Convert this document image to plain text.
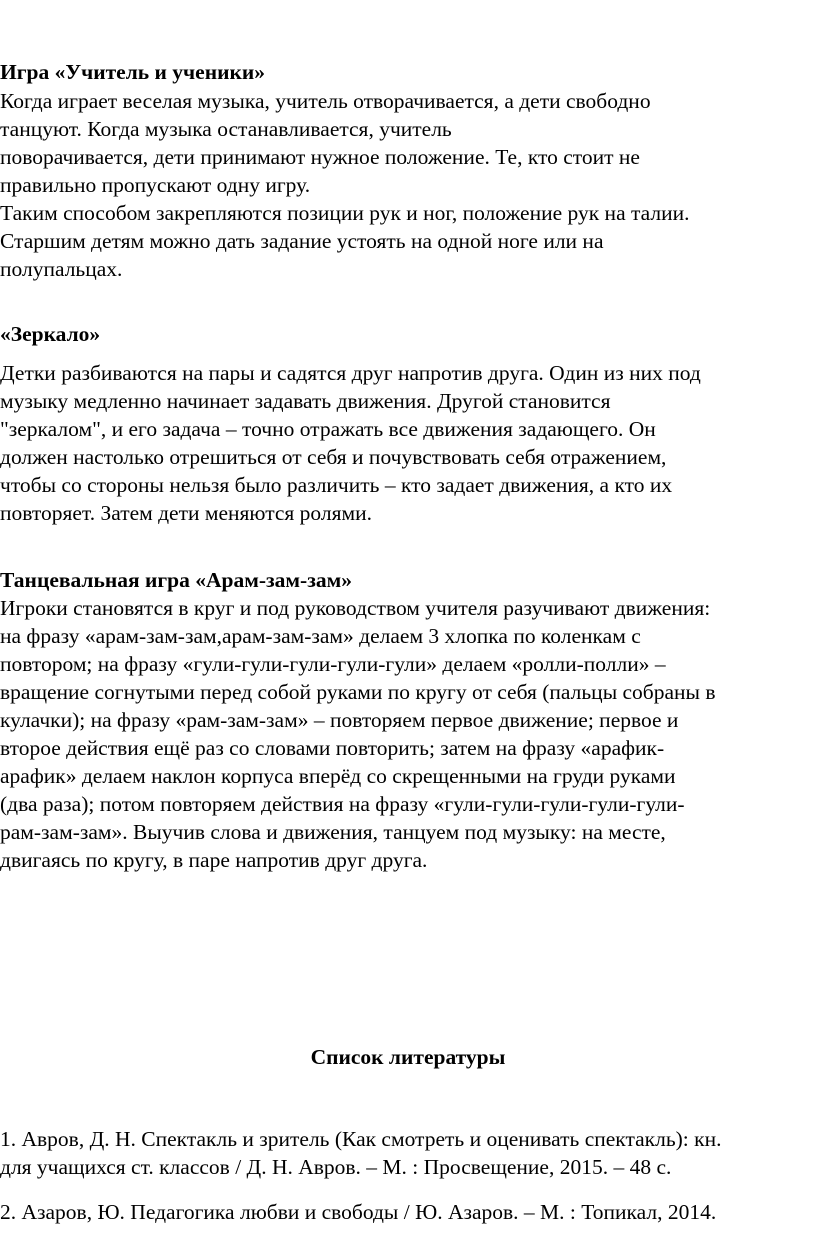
Игра «Учитель и ученики»
Когда играет веселая музыка, учитель отворачивается, а дети свободно
танцуют. Когда музыка останавливается, учитель
поворачивается, дети принимают нужное положение. Те, кто стоит не
правильно пропускают одну игру.
Таким способом закрепляются позиции рук и ног, положение рук на талии.
Старшим детям можно дать задание устоять на одной ноге или на
полупальцах.
«Зеркало»
Детки разбиваются на пары и садятся друг напротив друга. Один из них под
музыку медленно начинает задавать движения. Другой становится
"зеркалом", и его задача – точно отражать все движения задающего. Он
должен настолько отрешиться от себя и почувствовать себя отражением,
чтобы со стороны нельзя было различить – кто задает движения, а кто их
повторяет. Затем дети меняются ролями.
Танцевальная игра «Арам-зам-зам»
Игроки становятся в круг и под руководством учителя разучивают движения:
на фразу «арам-зам-зам,арам-зам-зам» делаем 3 хлопка по коленкам с
повтором; на фразу «гули-гули-гули-гули-гули» делаем «ролли-полли» –
вращение согнутыми перед собой руками по кругу от себя (пальцы собраны в
кулачки); на фразу «рам-зам-зам» – повторяем первое движение; первое и
второе действия ещё раз со словами повторить; затем на фразу «арафик-
арафик» делаем наклон корпуса вперёд со скрещенными на груди руками
(два раза); потом повторяем действия на фразу «гули-гули-гули-гули-гули-
рам-зам-зам». Выучив слова и движения, танцуем под музыку: на месте,
двигаясь по кругу, в паре напротив друг друга.
Список литературы
1. Авров, Д. Н. Спектакль и зритель (Как смотреть и оценивать спектакль): кн.
для учащихся ст. классов / Д. Н. Авров. – М. : Просвещение, 2015. – 48 с.
2. Азаров, Ю. Педагогика любви и свободы / Ю. Азаров. – М. : Топикал, 2014.
